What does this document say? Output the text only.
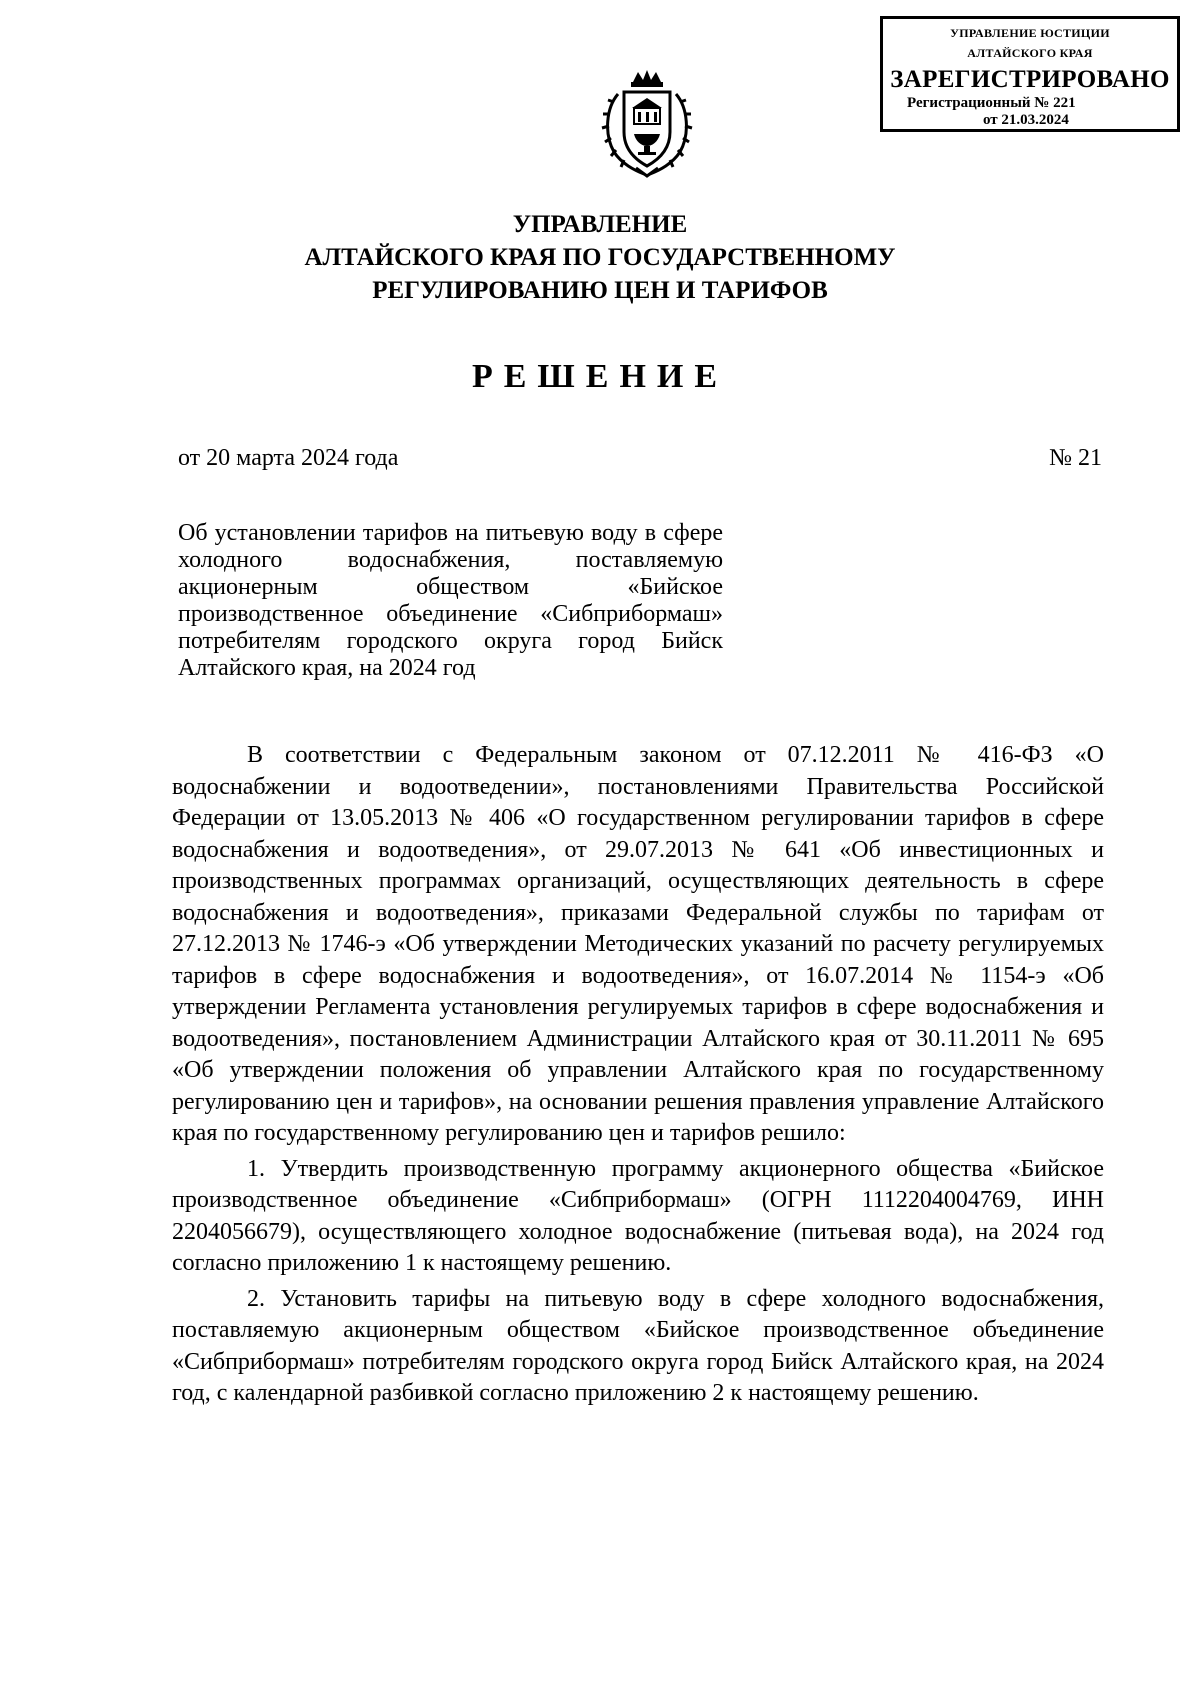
УПРАВЛЕНИЕ ЮСТИЦИИ
АЛТАЙСКОГО КРАЯ
ЗАРЕГИСТРИРОВАНО
Регистрационный № 221
от 21.03.2024
УПРАВЛЕНИЕ
АЛТАЙСКОГО КРАЯ ПО ГОСУДАРСТВЕННОМУ
РЕГУЛИРОВАНИЮ ЦЕН И ТАРИФОВ
РЕШЕНИЕ
от 20 марта 2024 года	№ 21
Об установлении тарифов на питьевую воду в сфере холодного водоснабжения, поставляемую акционерным обществом «Бийское производственное объединение «Сибприбормаш» потребителям городского округа город Бийск Алтайского края, на 2024 год

В соответствии с Федеральным законом от 07.12.2011 № 416-ФЗ «О водоснабжении и водоотведении», постановлениями Правительства Российской Федерации от 13.05.2013 № 406 «О государственном регулировании тарифов в сфере водоснабжения и водоотведения», от 29.07.2013 № 641 «Об инвестиционных и производственных программах организаций, осуществляющих деятельность в сфере водоснабжения и водоотведения», приказами Федеральной службы по тарифам от 27.12.2013 № 1746-э «Об утверждении Методических указаний по расчету регулируемых тарифов в сфере водоснабжения и водоотведения», от 16.07.2014 № 1154-э «Об утверждении Регламента установления регулируемых тарифов в сфере водоснабжения и водоотведения», постановлением Администрации Алтайского края от 30.11.2011 № 695 «Об утверждении положения об управлении Алтайского края по государственному регулированию цен и тарифов», на основании решения правления управление Алтайского края по государственному регулированию цен и тарифов решило:

1. Утвердить производственную программу акционерного общества «Бийское производственное объединение «Сибприбормаш» (ОГРН 1112204004769, ИНН 2204056679), осуществляющего холодное водоснабжение (питьевая вода), на 2024 год согласно приложению 1 к настоящему решению.

2. Установить тарифы на питьевую воду в сфере холодного водоснабжения, поставляемую акционерным обществом «Бийское производственное объединение «Сибприбормаш» потребителям городского округа город Бийск Алтайского края, на 2024 год, с календарной разбивкой согласно приложению 2 к настоящему решению.
